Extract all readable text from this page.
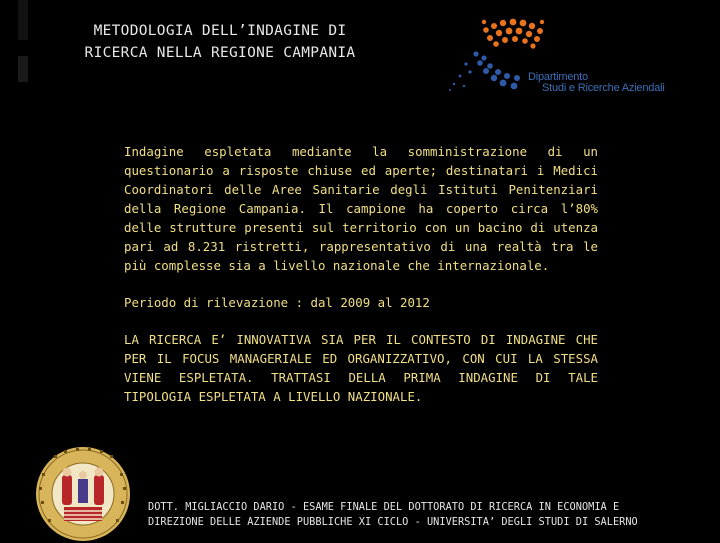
METODOLOGIA DELL’INDAGINE DI
RICERCA NELLA REGIONE CAMPANIA
Dipartimento
Studi e Ricerche Aziendali

Indagine espletata mediante la somministrazione di un questionario a risposte chiuse ed aperte; destinatari i Medici Coordinatori delle Aree Sanitarie degli Istituti Penitenziari della Regione Campania. Il campione ha coperto circa l’80% delle strutture presenti sul territorio con un bacino di utenza pari ad 8.231 ristretti, rappresentativo di una realtà tra le più complesse sia a livello nazionale che internazionale.

Periodo di rilevazione : dal 2009 al 2012

LA RICERCA E’ INNOVATIVA SIA PER IL CONTESTO DI INDAGINE CHE PER IL FOCUS MANAGERIALE ED ORGANIZZATIVO, CON CUI LA STESSA VIENE ESPLETATA. TRATTASI DELLA PRIMA INDAGINE DI TALE TIPOLOGIA ESPLETATA A LIVELLO NAZIONALE.

DOTT. MIGLIACCIO DARIO - ESAME FINALE DEL DOTTORATO DI RICERCA IN ECONOMIA E
DIREZIONE DELLE AZIENDE PUBBLICHE XI CICLO - UNIVERSITA’ DEGLI STUDI DI SALERNO
